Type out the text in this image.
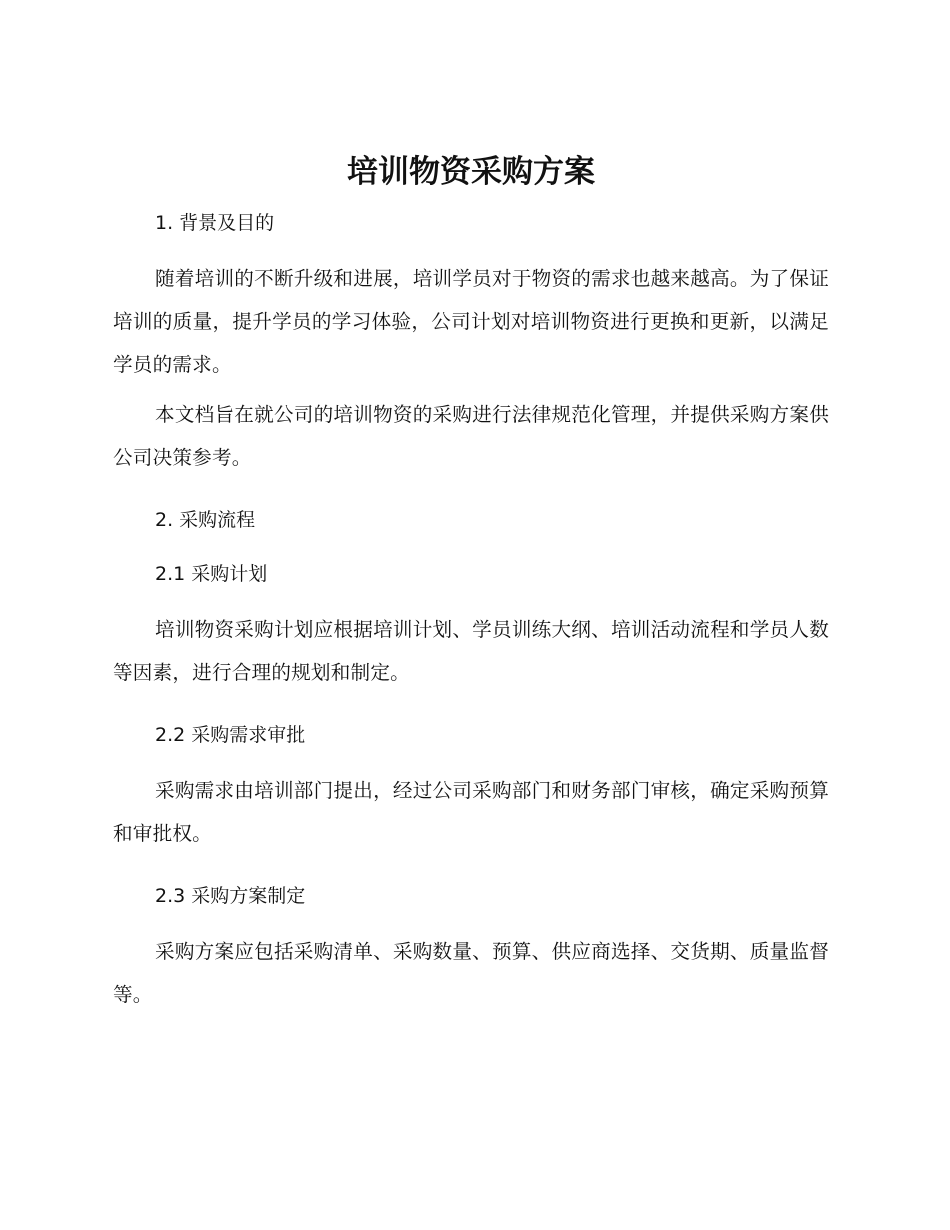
培训物资采购方案
1. 背景及目的

随着培训的不断升级和进展，培训学员对于物资的需求也越来越高。为了保证培训的质量，提升学员的学习体验，公司计划对培训物资进行更换和更新，以满足学员的需求。

本文档旨在就公司的培训物资的采购进行法律规范化管理，并提供采购方案供公司决策参考。

2. 采购流程
2.1 采购计划

培训物资采购计划应根据培训计划、学员训练大纲、培训活动流程和学员人数等因素，进行合理的规划和制定。

2.2 采购需求审批

采购需求由培训部门提出，经过公司采购部门和财务部门审核，确定采购预算和审批权。

2.3 采购方案制定

采购方案应包括采购清单、采购数量、预算、供应商选择、交货期、质量监督等。
